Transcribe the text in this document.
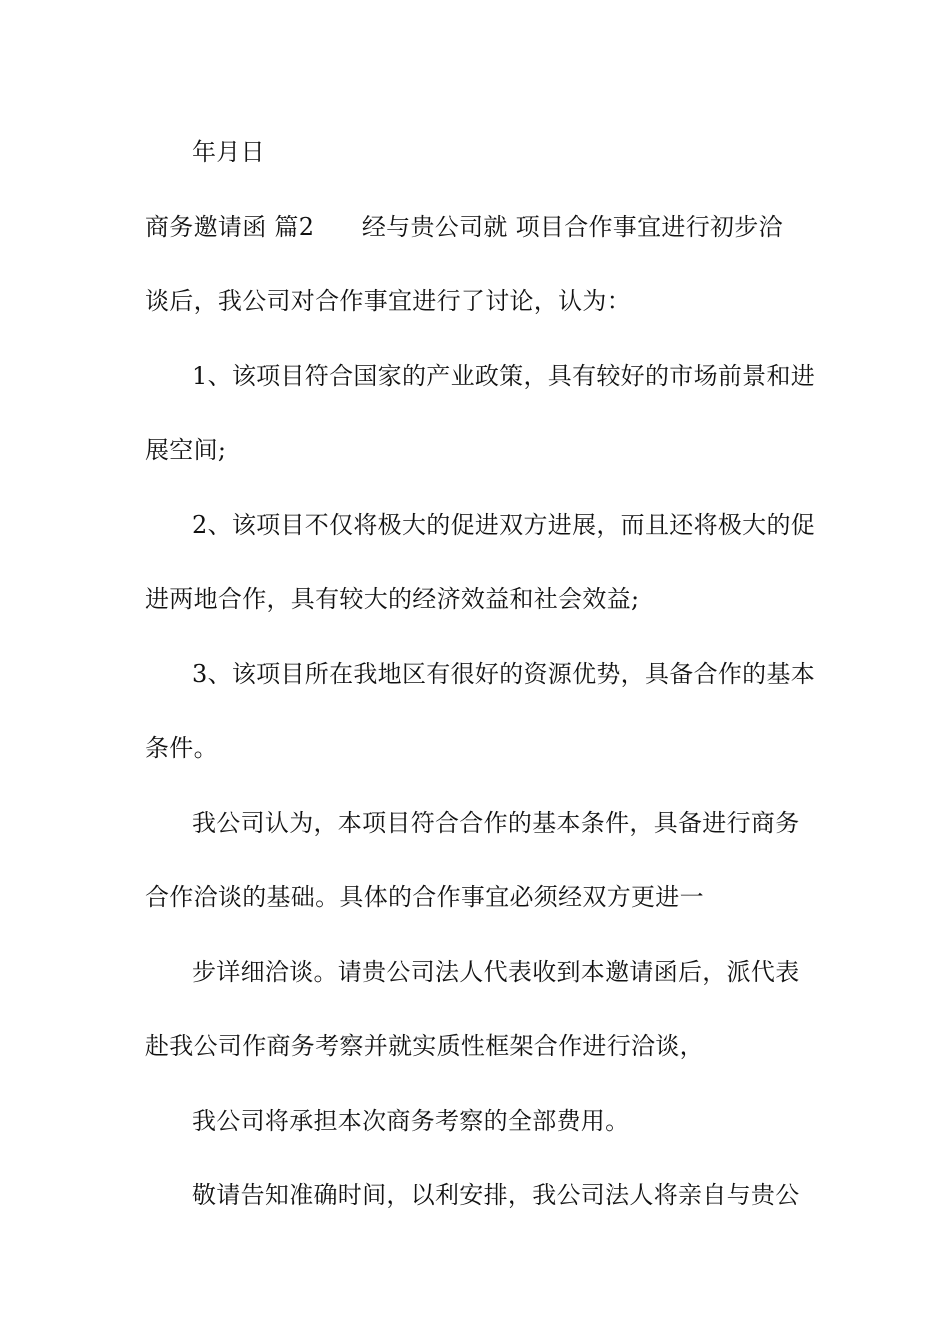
年月日
商务邀请函 篇2      经与贵公司就 项目合作事宜进行初步洽
谈后，我公司对合作事宜进行了讨论，认为：
1、该项目符合国家的产业政策，具有较好的市场前景和进
展空间;
2、该项目不仅将极大的促进双方进展，而且还将极大的促
进两地合作，具有较大的经济效益和社会效益;
3、该项目所在我地区有很好的资源优势，具备合作的基本
条件。
我公司认为，本项目符合合作的基本条件，具备进行商务
合作洽谈的基础。具体的合作事宜必须经双方更进一
步详细洽谈。请贵公司法人代表收到本邀请函后，派代表
赴我公司作商务考察并就实质性框架合作进行洽谈，
我公司将承担本次商务考察的全部费用。
敬请告知准确时间，以利安排，我公司法人将亲自与贵公
